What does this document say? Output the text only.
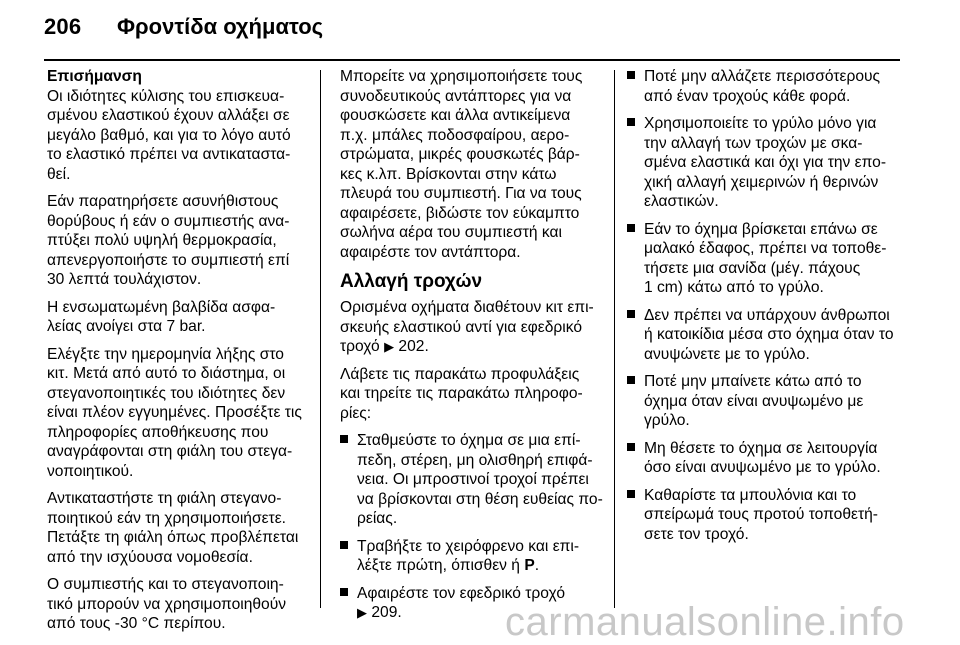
206 Φροντίδα οχήματος

Επισήμανση
Οι ιδιότητες κύλισης του επισκευα-
σμένου ελαστικού έχουν αλλάξει σε
μεγάλο βαθμό, και για το λόγο αυτό
το ελαστικό πρέπει να αντικαταστα-
θεί.

Εάν παρατηρήσετε ασυνήθιστους
θορύβους ή εάν ο συμπιεστής ανα-
πτύξει πολύ υψηλή θερμοκρασία,
απενεργοποιήστε το συμπιεστή επί
30 λεπτά τουλάχιστον.

Η ενσωματωμένη βαλβίδα ασφα-
λείας ανοίγει στα 7 bar.

Ελέγξτε την ημερομηνία λήξης στο
κιτ. Μετά από αυτό το διάστημα, οι
στεγανοποιητικές του ιδιότητες δεν
είναι πλέον εγγυημένες. Προσέξτε τις
πληροφορίες αποθήκευσης που
αναγράφονται στη φιάλη του στεγα-
νοποιητικού.

Αντικαταστήστε τη φιάλη στεγανο-
ποιητικού εάν τη χρησιμοποιήσετε.
Πετάξτε τη φιάλη όπως προβλέπεται
από την ισχύουσα νομοθεσία.

Ο συμπιεστής και το στεγανοποιη-
τικό μπορούν να χρησιμοποιηθούν
από τους -30 °C περίπου.

Μπορείτε να χρησιμοποιήσετε τους
συνοδευτικούς αντάπτορες για να
φουσκώσετε και άλλα αντικείμενα
π.χ. μπάλες ποδοσφαίρου, αερο-
στρώματα, μικρές φουσκωτές βάρ-
κες κ.λπ. Βρίσκονται στην κάτω
πλευρά του συμπιεστή. Για να τους
αφαιρέσετε, βιδώστε τον εύκαμπτο
σωλήνα αέρα του συμπιεστή και
αφαιρέστε τον αντάπτορα.

Αλλαγή τροχών

Ορισμένα οχήματα διαθέτουν κιτ επι-
σκευής ελαστικού αντί για εφεδρικό
τροχό ▶ 202.

Λάβετε τις παρακάτω προφυλάξεις
και τηρείτε τις παρακάτω πληροφο-
ρίες:

Σταθμεύστε το όχημα σε μια επί-
πεδη, στέρεη, μη ολισθηρή επιφά-
νεια. Οι μπροστινοί τροχοί πρέπει
να βρίσκονται στη θέση ευθείας πο-
ρείας.
Τραβήξτε το χειρόφρενο και επι-
λέξτε πρώτη, όπισθεν ή P.
Αφαιρέστε τον εφεδρικό τροχό
▶ 209.
Ποτέ μην αλλάζετε περισσότερους
από έναν τροχούς κάθε φορά.
Χρησιμοποιείτε το γρύλο μόνο για
την αλλαγή των τροχών με σκα-
σμένα ελαστικά και όχι για την επο-
χική αλλαγή χειμερινών ή θερινών
ελαστικών.
Εάν το όχημα βρίσκεται επάνω σε
μαλακό έδαφος, πρέπει να τοποθε-
τήσετε μια σανίδα (μέγ. πάχους
1 cm) κάτω από το γρύλο.
Δεν πρέπει να υπάρχουν άνθρωποι
ή κατοικίδια μέσα στο όχημα όταν το
ανυψώνετε με το γρύλο.
Ποτέ μην μπαίνετε κάτω από το
όχημα όταν είναι ανυψωμένο με
γρύλο.
Μη θέσετε το όχημα σε λειτουργία
όσο είναι ανυψωμένο με το γρύλο.
Καθαρίστε τα μπουλόνια και το
σπείρωμά τους προτού τοποθετή-
σετε τον τροχό.
carmanualsonline.info
